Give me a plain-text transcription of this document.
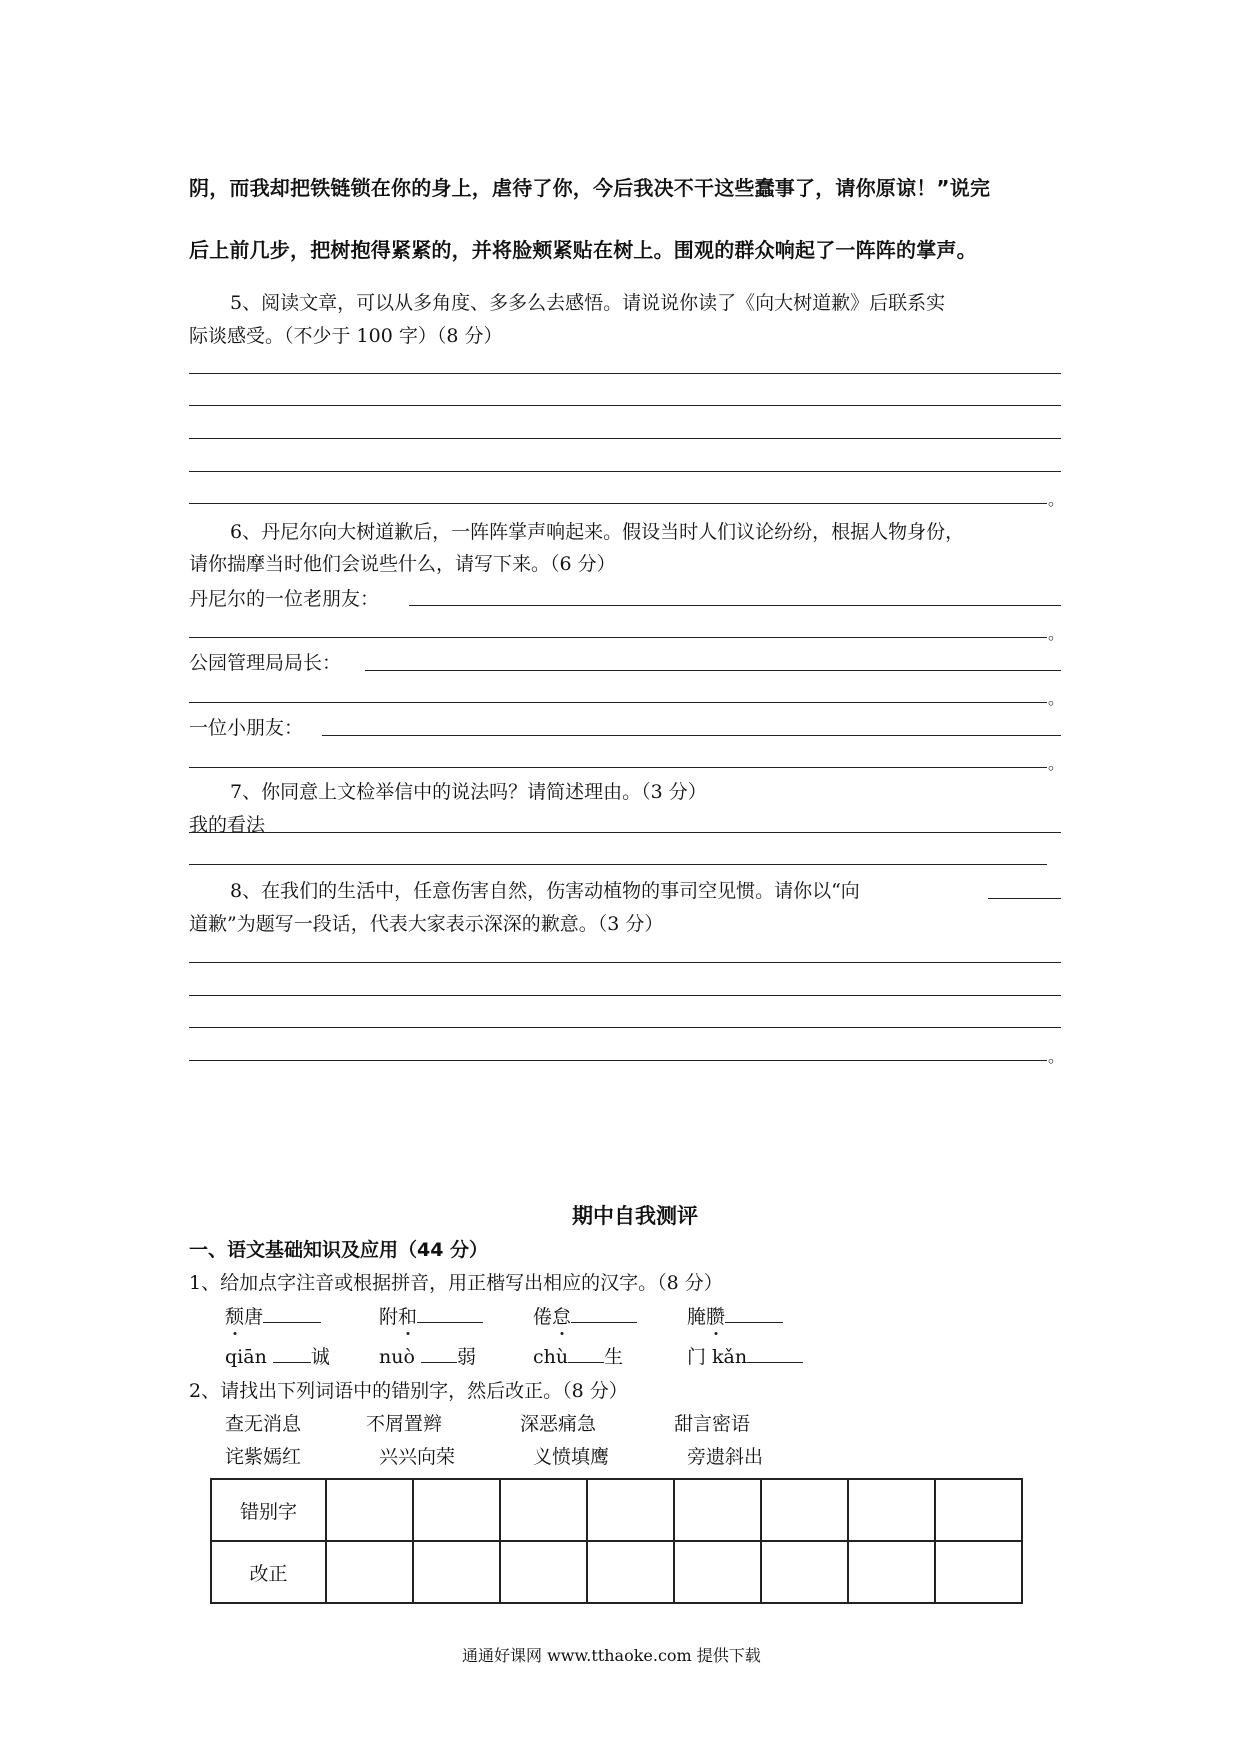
阴，而我却把铁链锁在你的身上，虐待了你，今后我决不干这些蠢事了，请你原谅！”说完
后上前几步，把树抱得紧紧的，并将脸颊紧贴在树上。围观的群众响起了一阵阵的掌声。
5、阅读文章，可以从多角度、多多么去感悟。请说说你读了《向大树道歉》后联系实
际谈感受。（不少于 100 字）（8 分）
。
6、丹尼尔向大树道歉后，一阵阵掌声响起来。假设当时人们议论纷纷，根据人物身份，
请你揣摩当时他们会说些什么，请写下来。（6 分）
丹尼尔的一位老朋友：
。
公园管理局局长：
。
一位小朋友：
。
7、你同意上文检举信中的说法吗？请简述理由。（3 分）
我的看法
8、在我们的生活中，任意伤害自然，伤害动植物的事司空见惯。请你以“向
道歉”为题写一段话，代表大家表示深深的歉意。（3 分）
。
期中自我测评
一、语文基础知识及应用（44 分）
1、给加点字注音或根据拼音，用正楷写出相应的汉字。（8 分）
颓唐	附和	倦怠	腌臜
qiān 诚	nuò 弱	chù 生	门 kǎn
2、请找出下列词语中的错别字，然后改正。（8 分）
查无消息	不屑置辫	深恶痛急	甜言密语
诧紫嫣红	兴兴向荣	义愤填鹰	旁遗斜出
错别字								
改正								
通通好课网 www.tthaoke.com 提供下载
